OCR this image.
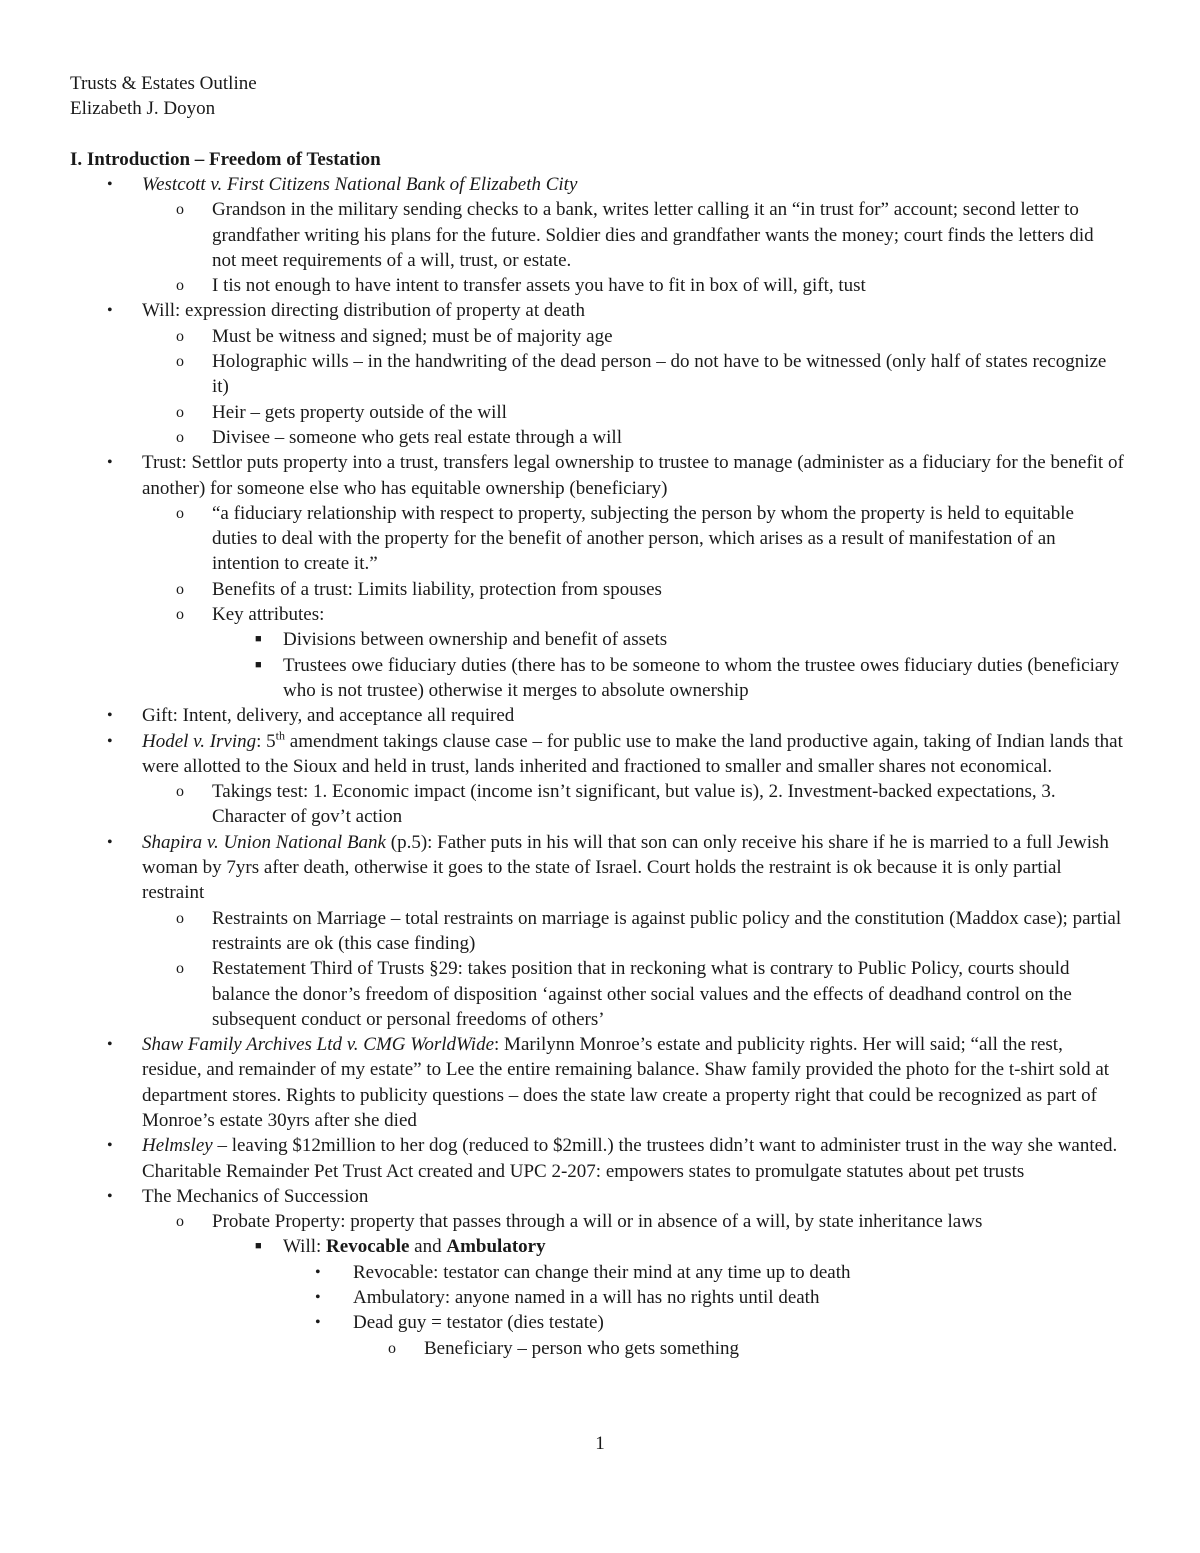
Trusts & Estates Outline
Elizabeth J. Doyon
I. Introduction – Freedom of Testation
• Westcott v. First Citizens National Bank of Elizabeth City
o Grandson in the military sending checks to a bank, writes letter calling it an “in trust for” account; second letter to grandfather writing his plans for the future. Soldier dies and grandfather wants the money; court finds the letters did not meet requirements of a will, trust, or estate.
o I tis not enough to have intent to transfer assets you have to fit in box of will, gift, tust
• Will: expression directing distribution of property at death
o Must be witness and signed; must be of majority age
o Holographic wills – in the handwriting of the dead person – do not have to be witnessed (only half of states recognize it)
o Heir – gets property outside of the will
o Divisee – someone who gets real estate through a will
• Trust: Settlor puts property into a trust, transfers legal ownership to trustee to manage (administer as a fiduciary for the benefit of another) for someone else who has equitable ownership (beneficiary)
o “a fiduciary relationship with respect to property, subjecting the person by whom the property is held to equitable duties to deal with the property for the benefit of another person, which arises as a result of manifestation of an intention to create it.”
o Benefits of a trust: Limits liability, protection from spouses
o Key attributes:
■ Divisions between ownership and benefit of assets
■ Trustees owe fiduciary duties (there has to be someone to whom the trustee owes fiduciary duties (beneficiary who is not trustee) otherwise it merges to absolute ownership
• Gift: Intent, delivery, and acceptance all required
• Hodel v. Irving: 5th amendment takings clause case – for public use to make the land productive again, taking of Indian lands that were allotted to the Sioux and held in trust, lands inherited and fractioned to smaller and smaller shares not economical.
o Takings test: 1. Economic impact (income isn’t significant, but value is), 2. Investment-backed expectations, 3. Character of gov’t action
• Shapira v. Union National Bank (p.5): Father puts in his will that son can only receive his share if he is married to a full Jewish woman by 7yrs after death, otherwise it goes to the state of Israel. Court holds the restraint is ok because it is only partial restraint
o Restraints on Marriage – total restraints on marriage is against public policy and the constitution (Maddox case); partial restraints are ok (this case finding)
o Restatement Third of Trusts §29: takes position that in reckoning what is contrary to Public Policy, courts should balance the donor’s freedom of disposition ‘against other social values and the effects of deadhand control on the subsequent conduct or personal freedoms of others’
• Shaw Family Archives Ltd v. CMG WorldWide: Marilynn Monroe’s estate and publicity rights. Her will said; “all the rest, residue, and remainder of my estate” to Lee the entire remaining balance. Shaw family provided the photo for the t-shirt sold at department stores. Rights to publicity questions – does the state law create a property right that could be recognized as part of Monroe’s estate 30yrs after she died
• Helmsley – leaving $12million to her dog (reduced to $2mill.) the trustees didn’t want to administer trust in the way she wanted. Charitable Remainder Pet Trust Act created and UPC 2-207: empowers states to promulgate statutes about pet trusts
• The Mechanics of Succession
o Probate Property: property that passes through a will or in absence of a will, by state inheritance laws
■ Will: Revocable and Ambulatory
• Revocable: testator can change their mind at any time up to death
• Ambulatory: anyone named in a will has no rights until death
• Dead guy = testator (dies testate)
o Beneficiary – person who gets something
1
